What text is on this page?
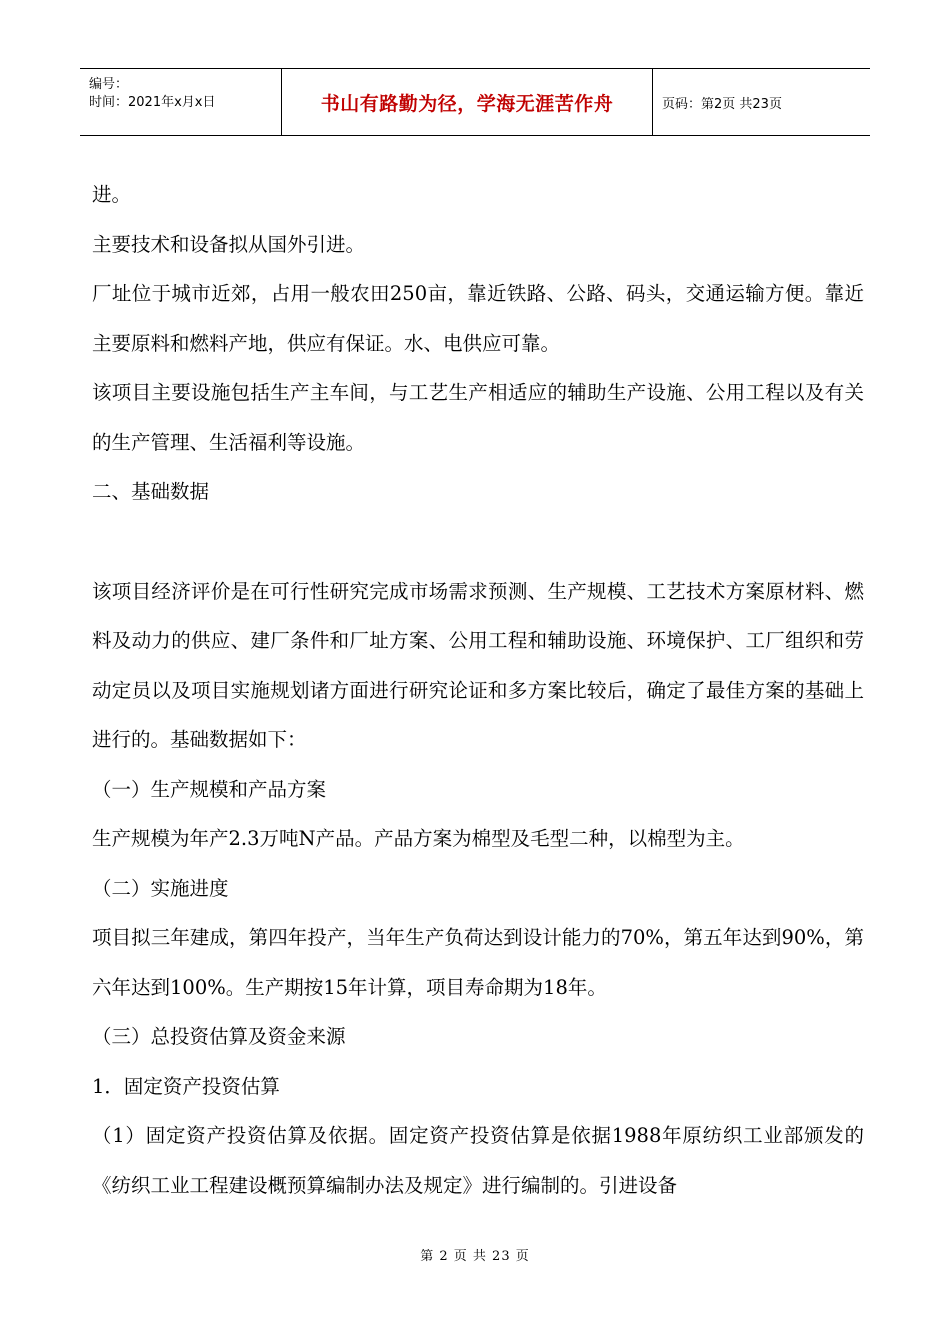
编号：
时间：2021年x月x日	书山有路勤为径，学海无涯苦作舟	页码：第2页 共23页

进。

主要技术和设备拟从国外引进。

厂址位于城市近郊，占用一般农田250亩，靠近铁路、公路、码头，交通运输方便。靠近主要原料和燃料产地，供应有保证。水、电供应可靠。

该项目主要设施包括生产主车间，与工艺生产相适应的辅助生产设施、公用工程以及有关的生产管理、生活福利等设施。

二、基础数据

该项目经济评价是在可行性研究完成市场需求预测、生产规模、工艺技术方案原材料、燃料及动力的供应、建厂条件和厂址方案、公用工程和辅助设施、环境保护、工厂组织和劳动定员以及项目实施规划诸方面进行研究论证和多方案比较后，确定了最佳方案的基础上进行的。基础数据如下：

（一）生产规模和产品方案

生产规模为年产2.3万吨N产品。产品方案为棉型及毛型二种，以棉型为主。

（二）实施进度

项目拟三年建成，第四年投产，当年生产负荷达到设计能力的70%，第五年达到90%，第六年达到100%。生产期按15年计算，项目寿命期为18年。

（三）总投资估算及资金来源

1．固定资产投资估算

（1）固定资产投资估算及依据。固定资产投资估算是依据1988年原纺织工业部颁发的《纺织工业工程建设概预算编制办法及规定》进行编制的。引进设备

第 2 页 共 23 页
